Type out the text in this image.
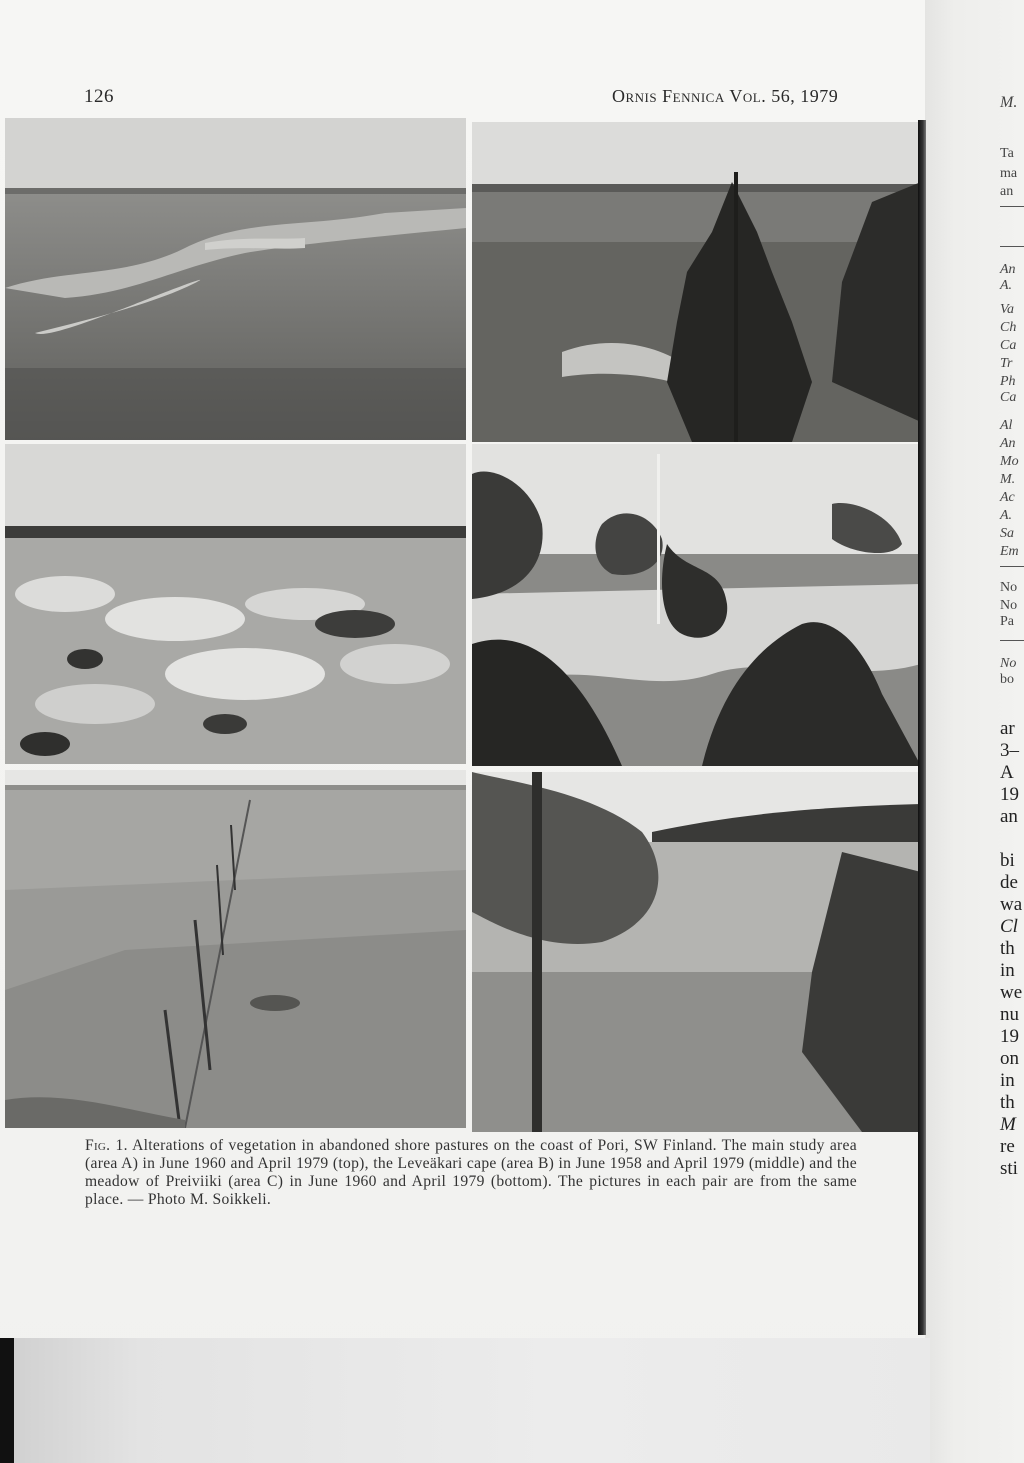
126	Ornis Fennica Vol. 56, 1979
Fig. 1. Alterations of vegetation in abandoned shore pastures on the coast of Pori, SW Finland. The main study area (area A) in June 1960 and April 1979 (top), the Leveäkari cape (area B) in June 1958 and April 1979 (middle) and the meadow of Preiviiki (area C) in June 1960 and April 1979 (bottom). The pictures in each pair are from the same place. — Photo M. Soikkeli.
M.
Ta
ma
an
An
A.
Va
Ch
Ca
Tr
Ph
Ca
Al
An
Mo
M.
Ac
A.
Sa
Em
No
No
Pa
No
bo
ar
3–
A
19
an
bi
de
wa
Cl
th
in
we
nu
19
on
in
th
M
re
sti
